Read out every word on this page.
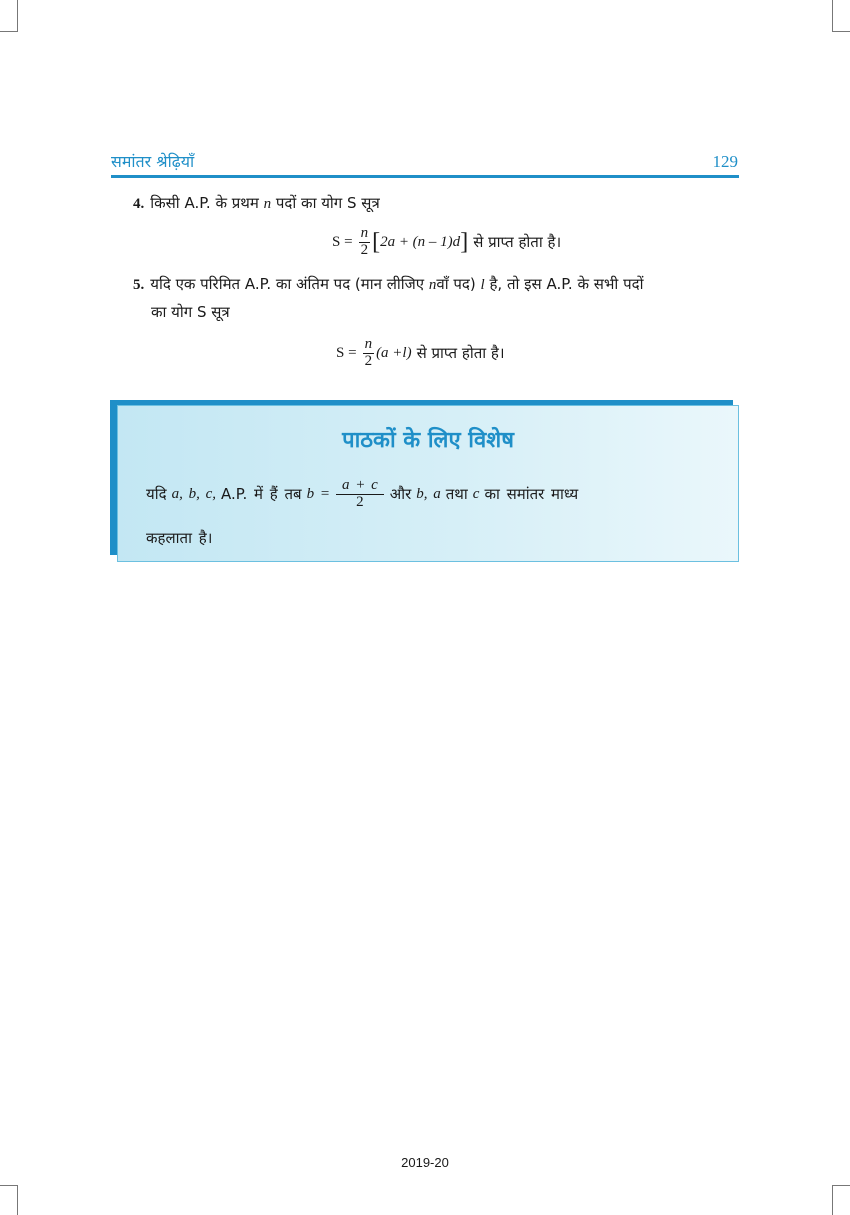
समांतर श्रेढ़ियाँ	129
4. किसी A.P. के प्रथम n पदों का योग S सूत्र
$S = \frac{n}{2}$ [ 2a + (n – 1)d ] से प्राप्त होता है।
5. यदि एक परिमित A.P. का अंतिम पद (मान लीजिए nवाँ पद) l है, तो इस A.P. के सभी पदों
का योग S सूत्र
$S = \frac{n}{2} (a +l)$ से प्राप्त होता है।
पाठकों के लिए विशेष
यदि a, b, c, A.P. में हैं तब $b = \frac{a + c}{2}$ और b, a तथा c का समांतर माध्य
कहलाता है।
2019-20
